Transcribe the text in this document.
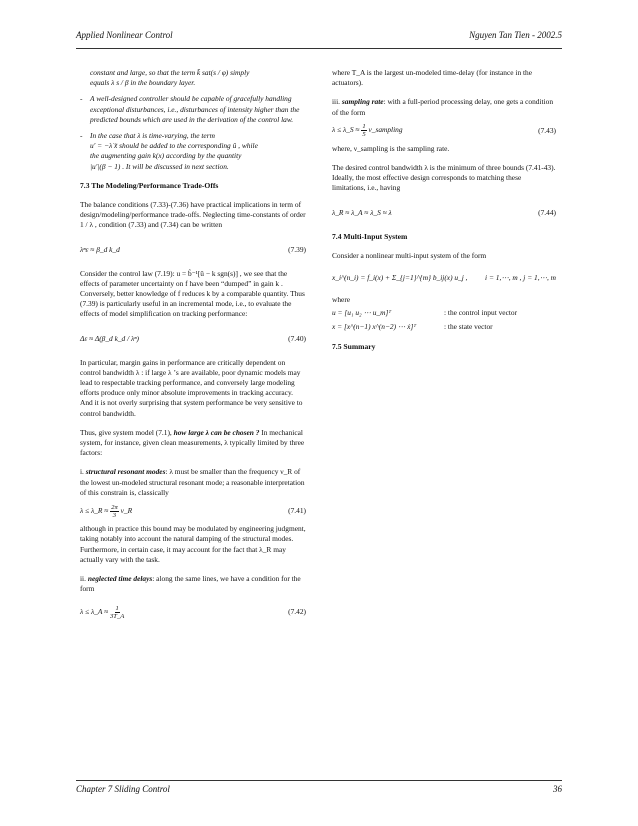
Applied Nonlinear Control	Nguyen Tan Tien - 2002.5

constant and large, so that the term k̄ sat(s / φ) simply

equals λ s / β in the boundary layer.

-	A well-designed controller should be capable of gracefully handling exceptional disturbances, i.e., disturbances of intensity higher than the predicted bounds which are used in the derivation of the control law.

-	In the case that λ is time-varying, the term

u′ = −λ̇ x̃ should be added to the corresponding û , while

the augmenting gain k(x) according by the quantity

|u′|(β − 1) . It will be discussed in next section.

7.3 The Modeling/Performance Trade-Offs

The balance conditions (7.33)-(7.36) have practical implications in term of design/modeling/performance trade-offs. Neglecting time-constants of order 1 / λ , condition (7.33) and (7.34) can be written

λⁿε ≈ β_d k_d	(7.39)

Consider the control law (7.19): u = b̂⁻¹[û − k sgn(s)] , we see that the effects of parameter uncertainty on f have been “dumped” in gain k . Conversely, better knowledge of f reduces k by a comparable quantity. Thus (7.39) is particularly useful in an incremental mode, i.e., to evaluate the effects of model simplification on tracking performance:

Δε ≈ Δ(β_d k_d / λⁿ)	(7.40)

In particular, margin gains in performance are critically dependent on control bandwidth λ : if large λ ’s are available, poor dynamic models may lead to respectable tracking performance, and conversely large modeling efforts produce only minor absolute improvements in tracking accuracy. And it is not overly surprising that system performance be very sensitive to control bandwidth.

Thus, give system model (7.1), how large λ can be chosen ? In mechanical system, for instance, given clean measurements, λ typically limited by three factors:

i. structural resonant modes: λ must be smaller than the frequency ν_R of the lowest un-modeled structural resonant mode; a reasonable interpretation of this constrain is, classically

λ ≤ λ_R ≈ $\frac{2\pi}{3}$ ν_R	(7.41)

although in practice this bound may be modulated by engineering judgment, taking notably into account the natural damping of the structural modes. Furthermore, in certain case, it may account for the fact that λ_R may actually vary with the task.

ii. neglected time delays: along the same lines, we have a condition for the form

λ ≤ λ_A ≈ $\frac{1}{3T\_A}$	(7.42)

where T_A is the largest un-modeled time-delay (for instance in the actuators).

iii. sampling rate: with a full-period processing delay, one gets a condition of the form

λ ≤ λ_S ≈ $\frac{1}{5}$ ν_sampling	(7.43)

where, ν_sampling is the sampling rate.

The desired control bandwidth λ is the minimum of three bounds (7.41-43). Ideally, the most effective design corresponds to matching these limitations, i.e., having

λ_R ≈ λ_A ≈ λ_S ≈ λ	(7.44)
7.4 Multi-Input System

Consider a nonlinear multi-input system of the form

x_i^(n_i) = f_i(x) + Σ_{j=1}^{m} b_ij(x) u_j , i = 1,⋯, m , j = 1,⋯, m

where

u = [u₁ u₂ ⋯ u_m]ᵀ	: the control input vector
x = [x^(n−1) x^(n−2) ⋯ ẋ]ᵀ	: the state vector
7.5 Summary
Chapter 7 Sliding Control	36
